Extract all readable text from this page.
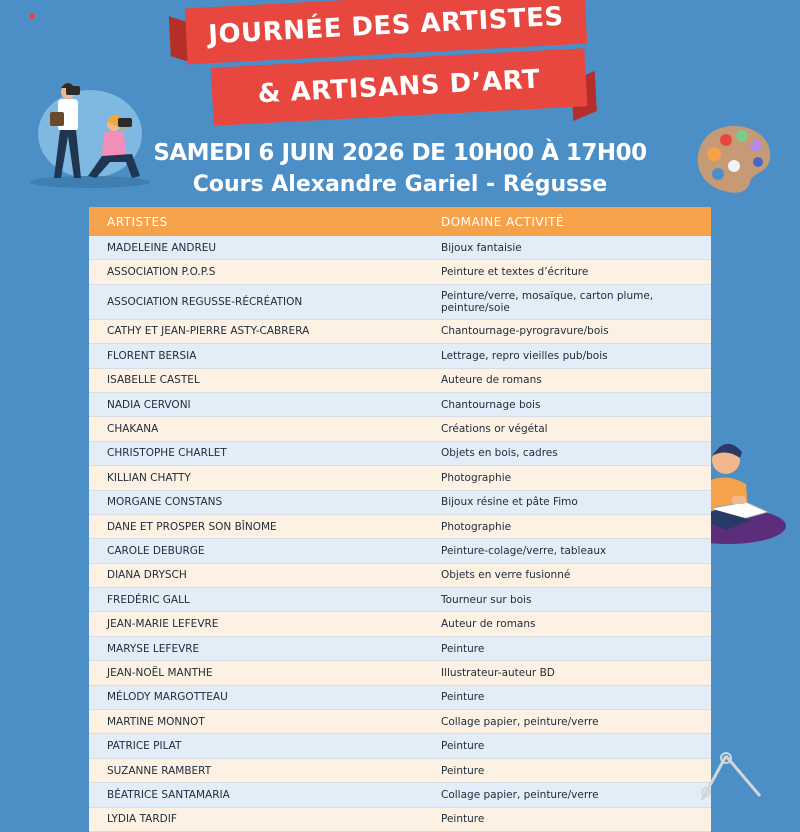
JOURNÉE DES ARTISTES
& ARTISANS D’ART
SAMEDI 6 JUIN 2026 DE 10H00 À 17H00
Cours Alexandre Gariel - Régusse
ARTISTES	DOMAINE ACTIVITÉ
MADELEINE ANDREU	Bijoux fantaisie
ASSOCIATION P.O.P.S	Peinture et textes d’écriture
ASSOCIATION REGUSSE-RÉCRÉATION	Peinture/verre, mosaïque, carton plume, peinture/soie
CATHY ET JEAN-PIERRE ASTY-CABRERA	Chantournage-pyrogravure/bois
FLORENT BERSIA	Lettrage, repro vieilles pub/bois
ISABELLE CASTEL	Auteure de romans
NADIA CERVONI	Chantournage bois
CHAKANA	Créations or végétal
CHRISTOPHE CHARLET	Objets en bois, cadres
KILLIAN CHATTY	Photographie
MORGANE CONSTANS	Bijoux résine et pâte Fimo
DANE ET PROSPER SON BÎNOME	Photographie
CAROLE DEBURGE	Peinture-colage/verre, tableaux
DIANA DRYSCH	Objets en verre fusionné
FREDÉRIC GALL	Tourneur sur bois
JEAN-MARIE LEFEVRE	Auteur de romans
MARYSE LEFEVRE	Peinture
JEAN-NOËL MANTHE	Illustrateur-auteur BD
MÉLODY MARGOTTEAU	Peinture
MARTINE MONNOT	Collage papier, peinture/verre
PATRICE PILAT	Peinture
SUZANNE RAMBERT	Peinture
BÉATRICE SANTAMARIA	Collage papier, peinture/verre
LYDIA TARDIF	Peinture
